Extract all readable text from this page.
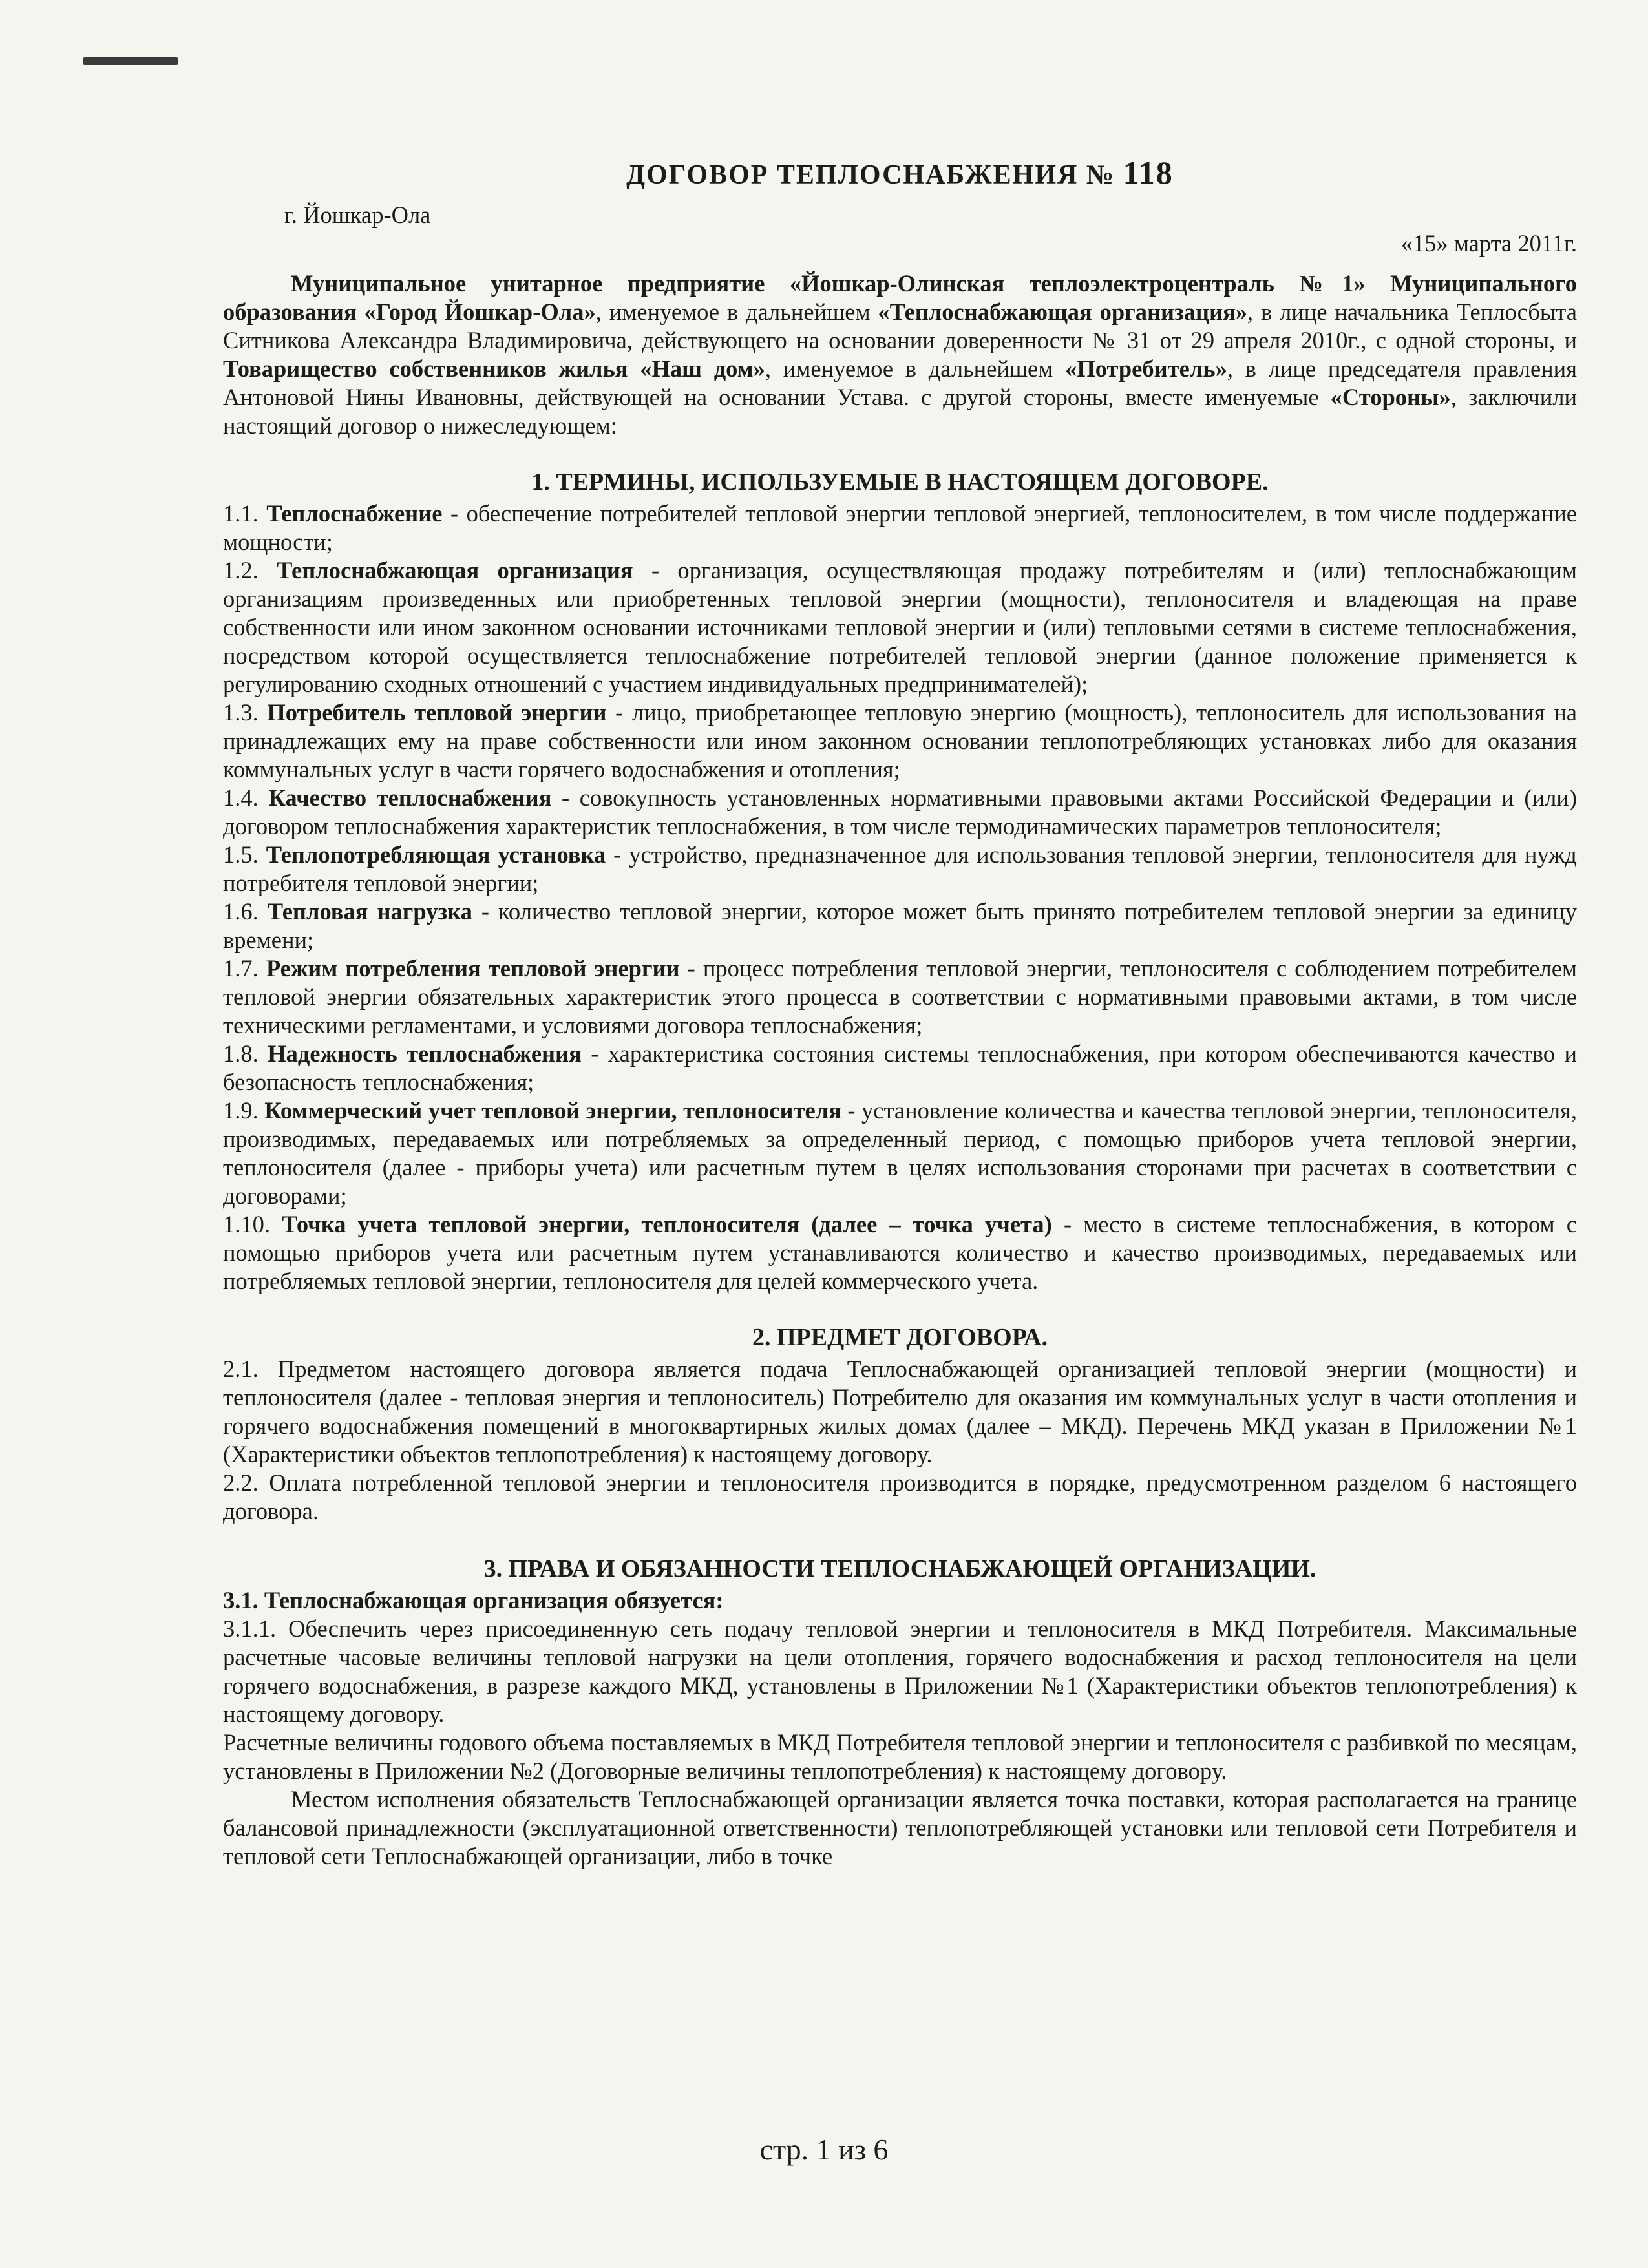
ДОГОВОР ТЕПЛОСНАБЖЕНИЯ № 118
г. Йошкар-Ола
«15» марта 2011г.

Муниципальное унитарное предприятие «Йошкар-Олинская теплоэлектроцентраль №1» Муниципального образования «Город Йошкар-Ола», именуемое в дальнейшем «Теплоснабжающая организация», в лице начальника Теплосбыта Ситникова Александра Владимировича, действующего на основании доверенности № 31 от 29 апреля 2010г., с одной стороны, и Товарищество собственников жилья «Наш дом», именуемое в дальнейшем «Потребитель», в лице председателя правления Антоновой Нины Ивановны, действующей на основании Устава. с другой стороны, вместе именуемые «Стороны», заключили настоящий договор о нижеследующем:

1. ТЕРМИНЫ, ИСПОЛЬЗУЕМЫЕ В НАСТОЯЩЕМ ДОГОВОРЕ.

1.1. Теплоснабжение - обеспечение потребителей тепловой энергии тепловой энергией, теплоносителем, в том числе поддержание мощности;

1.2. Теплоснабжающая организация - организация, осуществляющая продажу потребителям и (или) теплоснабжающим организациям произведенных или приобретенных тепловой энергии (мощности), теплоносителя и владеющая на праве собственности или ином законном основании источниками тепловой энергии и (или) тепловыми сетями в системе теплоснабжения, посредством которой осуществляется теплоснабжение потребителей тепловой энергии (данное положение применяется к регулированию сходных отношений с участием индивидуальных предпринимателей);

1.3. Потребитель тепловой энергии - лицо, приобретающее тепловую энергию (мощность), теплоноситель для использования на принадлежащих ему на праве собственности или ином законном основании теплопотребляющих установках либо для оказания коммунальных услуг в части горячего водоснабжения и отопления;

1.4. Качество теплоснабжения - совокупность установленных нормативными правовыми актами Российской Федерации и (или) договором теплоснабжения характеристик теплоснабжения, в том числе термодинамических параметров теплоносителя;

1.5. Теплопотребляющая установка - устройство, предназначенное для использования тепловой энергии, теплоносителя для нужд потребителя тепловой энергии;

1.6. Тепловая нагрузка - количество тепловой энергии, которое может быть принято потребителем тепловой энергии за единицу времени;

1.7. Режим потребления тепловой энергии - процесс потребления тепловой энергии, теплоносителя с соблюдением потребителем тепловой энергии обязательных характеристик этого процесса в соответствии с нормативными правовыми актами, в том числе техническими регламентами, и условиями договора теплоснабжения;

1.8. Надежность теплоснабжения - характеристика состояния системы теплоснабжения, при котором обеспечиваются качество и безопасность теплоснабжения;

1.9. Коммерческий учет тепловой энергии, теплоносителя - установление количества и качества тепловой энергии, теплоносителя, производимых, передаваемых или потребляемых за определенный период, с помощью приборов учета тепловой энергии, теплоносителя (далее - приборы учета) или расчетным путем в целях использования сторонами при расчетах в соответствии с договорами;

1.10. Точка учета тепловой энергии, теплоносителя (далее – точка учета) - место в системе теплоснабжения, в котором с помощью приборов учета или расчетным путем устанавливаются количество и качество производимых, передаваемых или потребляемых тепловой энергии, теплоносителя для целей коммерческого учета.

2. ПРЕДМЕТ ДОГОВОРА.

2.1. Предметом настоящего договора является подача Теплоснабжающей организацией тепловой энергии (мощности) и теплоносителя (далее - тепловая энергия и теплоноситель) Потребителю для оказания им коммунальных услуг в части отопления и горячего водоснабжения помещений в многоквартирных жилых домах (далее – МКД). Перечень МКД указан в Приложении №1 (Характеристики объектов теплопотребления) к настоящему договору.

2.2. Оплата потребленной тепловой энергии и теплоносителя производится в порядке, предусмотренном разделом 6 настоящего договора.

3. ПРАВА И ОБЯЗАННОСТИ ТЕПЛОСНАБЖАЮЩЕЙ ОРГАНИЗАЦИИ.

3.1. Теплоснабжающая организация обязуется:

3.1.1. Обеспечить через присоединенную сеть подачу тепловой энергии и теплоносителя в МКД Потребителя. Максимальные расчетные часовые величины тепловой нагрузки на цели отопления, горячего водоснабжения и расход теплоносителя на цели горячего водоснабжения, в разрезе каждого МКД, установлены в Приложении №1 (Характеристики объектов теплопотребления) к настоящему договору.

Расчетные величины годового объема поставляемых в МКД Потребителя тепловой энергии и теплоносителя с разбивкой по месяцам, установлены в Приложении №2 (Договорные величины теплопотребления) к настоящему договору.

Местом исполнения обязательств Теплоснабжающей организации является точка поставки, которая располагается на границе балансовой принадлежности (эксплуатационной ответственности) теплопотребляющей установки или тепловой сети Потребителя и тепловой сети Теплоснабжающей организации, либо в точке

стр. 1 из 6
